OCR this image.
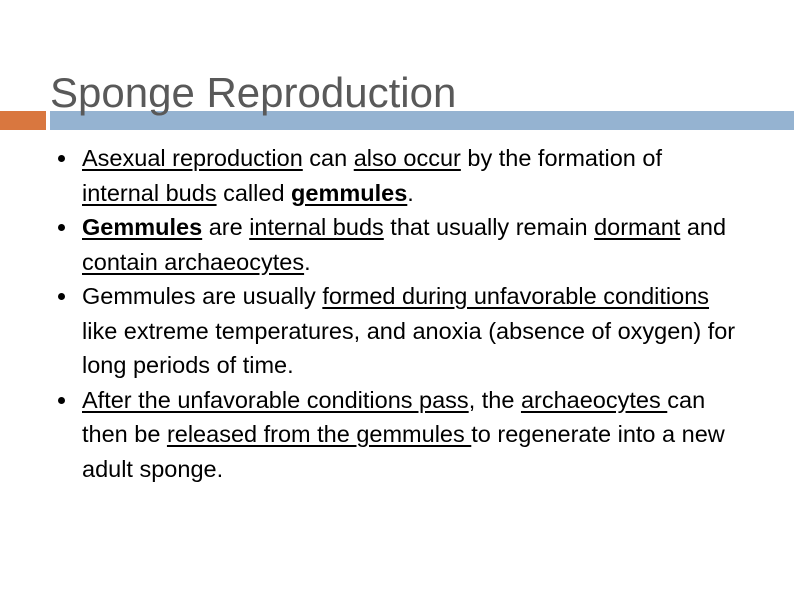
Sponge Reproduction
Asexual reproduction can also occur by the formation of internal buds called gemmules.
Gemmules are internal buds that usually remain dormant and contain archaeocytes.
Gemmules are usually formed during unfavorable conditions like extreme temperatures, and anoxia (absence of oxygen) for long periods of time.
After the unfavorable conditions pass, the archaeocytes can then be released from the gemmules to regenerate into a new adult sponge.
